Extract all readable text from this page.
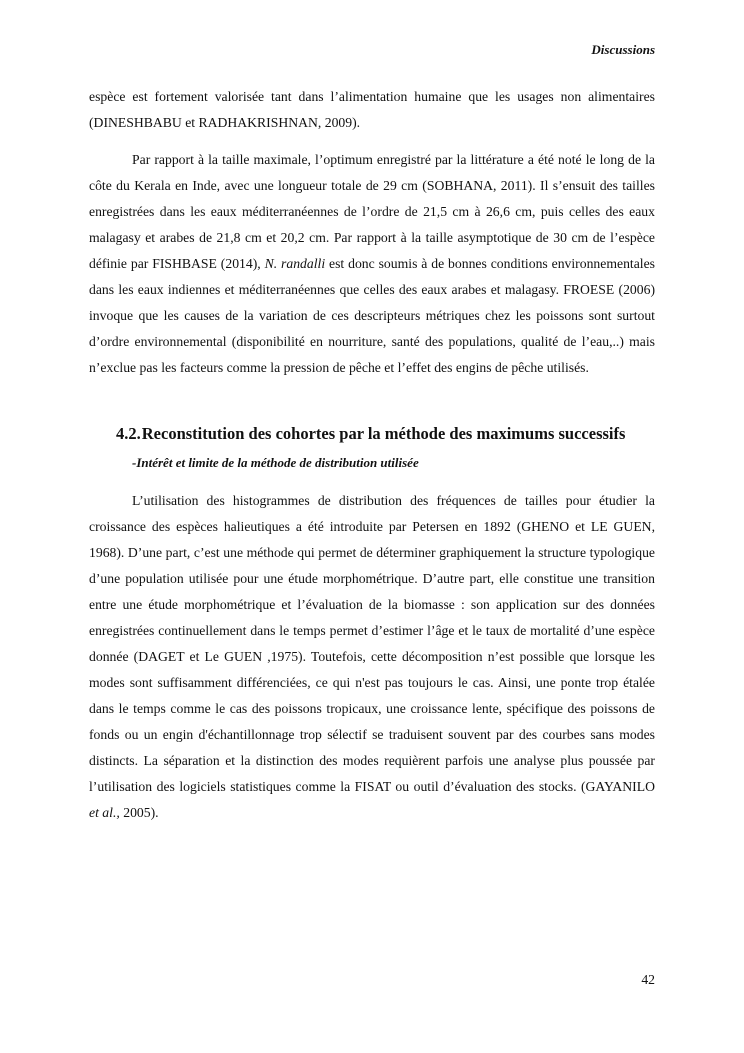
Discussions

espèce est fortement valorisée tant dans l’alimentation humaine que les usages non alimentaires (DINESHBABU et RADHAKRISHNAN, 2009).

Par rapport à la taille maximale, l’optimum enregistré par la littérature a été noté le long de la côte du Kerala en Inde, avec une longueur totale de 29 cm (SOBHANA, 2011). Il s’ensuit des tailles enregistrées dans les eaux méditerranéennes de l’ordre de 21,5 cm à 26,6 cm, puis celles des eaux malagasy et arabes de 21,8 cm et 20,2 cm. Par rapport à la taille asymptotique de 30 cm de l’espèce définie par FISHBASE (2014), N. randalli est donc soumis à de bonnes conditions environnementales dans les eaux indiennes et méditerranéennes que celles des eaux arabes et malagasy. FROESE (2006) invoque que les causes de la variation de ces descripteurs métriques chez les poissons sont surtout d’ordre environnemental (disponibilité en nourriture, santé des populations, qualité de l’eau,..) mais n’exclue pas les facteurs comme la pression de pêche et l’effet des engins de pêche utilisés.

4.2.Reconstitution des cohortes par la méthode des maximums successifs
-Intérêt et limite de la méthode de distribution utilisée

L’utilisation des histogrammes de distribution des fréquences de tailles pour étudier la croissance des espèces halieutiques a été introduite par Petersen en 1892 (GHENO et LE GUEN, 1968). D’une part, c’est une méthode qui permet de déterminer graphiquement la structure typologique d’une population utilisée pour une étude morphométrique. D’autre part, elle constitue une transition entre une étude morphométrique et l’évaluation de la biomasse : son application sur des données enregistrées continuellement dans le temps permet d’estimer l’âge et le taux de mortalité d’une espèce donnée (DAGET et Le GUEN ,1975). Toutefois, cette décomposition n’est possible que lorsque les modes sont suffisamment différenciées, ce qui n'est pas toujours le cas. Ainsi, une ponte trop étalée dans le temps comme le cas des poissons tropicaux, une croissance lente, spécifique des poissons de fonds ou un engin d'échantillonnage trop sélectif se traduisent souvent par des courbes sans modes distincts. La séparation et la distinction des modes requièrent parfois une analyse plus poussée par l’utilisation des logiciels statistiques comme la FISAT ou outil d’évaluation des stocks. (GAYANILO et al., 2005).

42
